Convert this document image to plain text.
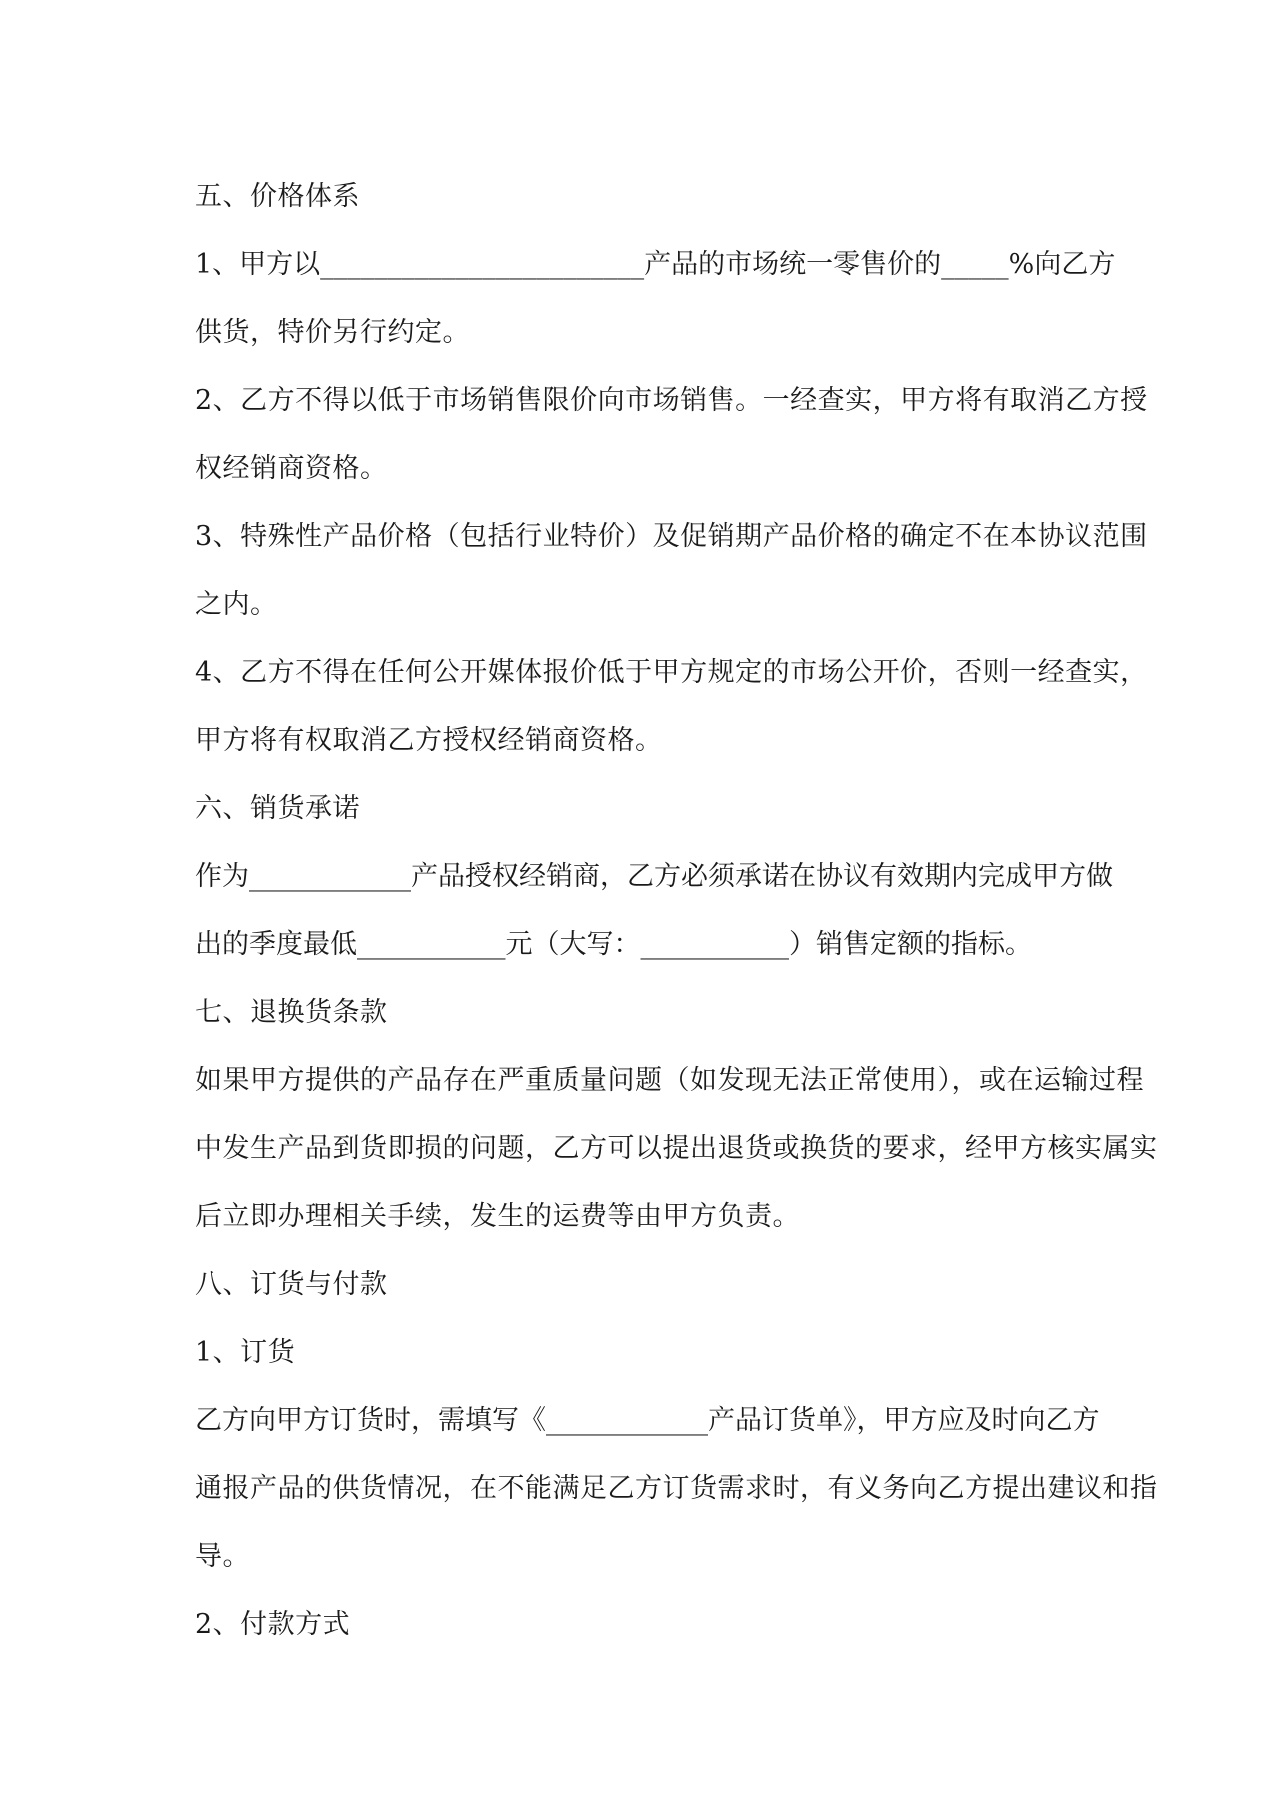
五、价格体系
1、甲方以________________________产品的市场统一零售价的_____%向乙方
供货，特价另行约定。
2、乙方不得以低于市场销售限价向市场销售。一经查实，甲方将有取消乙方授
权经销商资格。
3、特殊性产品价格（包括行业特价）及促销期产品价格的确定不在本协议范围
之内。
4、乙方不得在任何公开媒体报价低于甲方规定的市场公开价，否则一经查实，
甲方将有权取消乙方授权经销商资格。
六、销货承诺
作为____________产品授权经销商，乙方必须承诺在协议有效期内完成甲方做
出的季度最低___________元（大写：___________）销售定额的指标。
七、退换货条款
如果甲方提供的产品存在严重质量问题（如发现无法正常使用），或在运输过程
中发生产品到货即损的问题，乙方可以提出退货或换货的要求，经甲方核实属实
后立即办理相关手续，发生的运费等由甲方负责。
八、订货与付款
1、订货
乙方向甲方订货时，需填写《____________产品订货单》，甲方应及时向乙方
通报产品的供货情况，在不能满足乙方订货需求时，有义务向乙方提出建议和指
导。
2、付款方式
